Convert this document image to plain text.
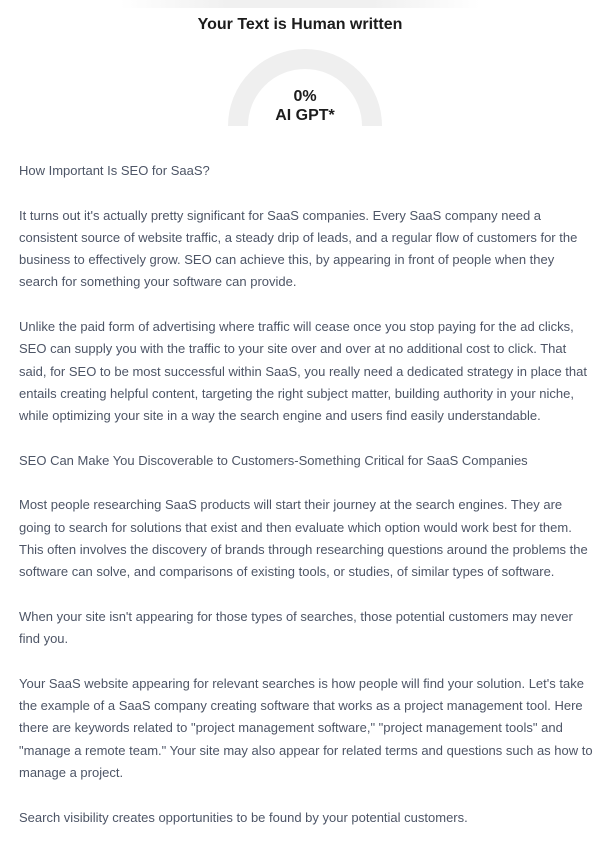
Your Text is Human written
0%
AI GPT*

How Important Is SEO for SaaS?

It turns out it's actually pretty significant for SaaS companies. Every SaaS company need a consistent source of website traffic, a steady drip of leads, and a regular flow of customers for the business to effectively grow. SEO can achieve this, by appearing in front of people when they search for something your software can provide.

Unlike the paid form of advertising where traffic will cease once you stop paying for the ad clicks, SEO can supply you with the traffic to your site over and over at no additional cost to click. That said, for SEO to be most successful within SaaS, you really need a dedicated strategy in place that entails creating helpful content, targeting the right subject matter, building authority in your niche, while optimizing your site in a way the search engine and users find easily understandable.

SEO Can Make You Discoverable to Customers-Something Critical for SaaS Companies

Most people researching SaaS products will start their journey at the search engines. They are going to search for solutions that exist and then evaluate which option would work best for them. This often involves the discovery of brands through researching questions around the problems the software can solve, and comparisons of existing tools, or studies, of similar types of software.

When your site isn't appearing for those types of searches, those potential customers may never find you.

Your SaaS website appearing for relevant searches is how people will find your solution. Let's take the example of a SaaS company creating software that works as a project management tool. Here there are keywords related to "project management software," "project management tools" and "manage a remote team." Your site may also appear for related terms and questions such as how to manage a project.

Search visibility creates opportunities to be found by your potential customers.
